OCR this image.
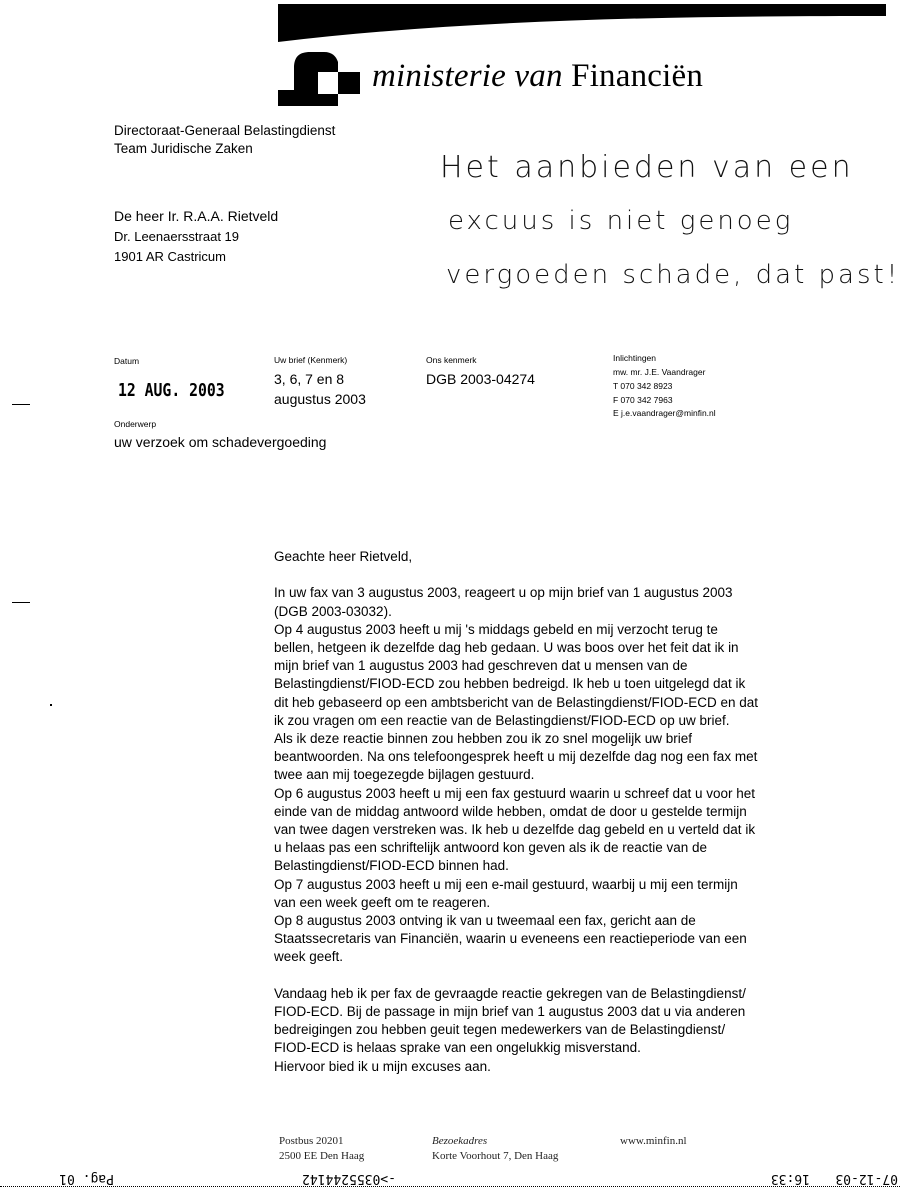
ministerie van Financiën
Directoraat-Generaal Belastingdienst
Team Juridische Zaken
De heer Ir. R.A.A. Rietveld
Dr. Leenaersstraat 19
1901 AR Castricum
Het aanbieden van een
excuus is niet genoeg
vergoeden schade, dat past!
Datum
12 AUG. 2003
Uw brief (Kenmerk)
3, 6, 7 en 8
augustus 2003
Ons kenmerk
DGB 2003-04274
Inlichtingen
mw. mr. J.E. Vaandrager
T 070 342 8923
F 070 342 7963
E j.e.vaandrager@minfin.nl
Onderwerp
uw verzoek om schadevergoeding

Geachte heer Rietveld,

In uw fax van 3 augustus 2003, reageert u op mijn brief van 1 augustus 2003
(DGB 2003-03032).
Op 4 augustus 2003 heeft u mij 's middags gebeld en mij verzocht terug te
bellen, hetgeen ik dezelfde dag heb gedaan. U was boos over het feit dat ik in
mijn brief van 1 augustus 2003 had geschreven dat u mensen van de
Belastingdienst/FIOD-ECD zou hebben bedreigd. Ik heb u toen uitgelegd dat ik
dit heb gebaseerd op een ambtsbericht van de Belastingdienst/FIOD-ECD en dat
ik zou vragen om een reactie van de Belastingdienst/FIOD-ECD op uw brief.
Als ik deze reactie binnen zou hebben zou ik zo snel mogelijk uw brief
beantwoorden. Na ons telefoongesprek heeft u mij dezelfde dag nog een fax met
twee aan mij toegezegde bijlagen gestuurd.
Op 6 augustus 2003 heeft u mij een fax gestuurd waarin u schreef dat u voor het
einde van de middag antwoord wilde hebben, omdat de door u gestelde termijn
van twee dagen verstreken was. Ik heb u dezelfde dag gebeld en u verteld dat ik
u helaas pas een schriftelijk antwoord kon geven als ik de reactie van de
Belastingdienst/FIOD-ECD binnen had.
Op 7 augustus 2003 heeft u mij een e-mail gestuurd, waarbij u mij een termijn
van een week geeft om te reageren.
Op 8 augustus 2003 ontving ik van u tweemaal een fax, gericht aan de
Staatssecretaris van Financiën, waarin u eveneens een reactieperiode van een
week geeft.
Vandaag heb ik per fax de gevraagde reactie gekregen van de Belastingdienst/
FIOD-ECD. Bij de passage in mijn brief van 1 augustus 2003 dat u via anderen
bedreigingen zou hebben geuit tegen medewerkers van de Belastingdienst/
FIOD-ECD is helaas sprake van een ongelukkig misverstand.
Hiervoor bied ik u mijn excuses aan.
Postbus 20201
2500 EE Den Haag
Bezoekadres
Korte Voorhout 7, Den Haag
www.minfin.nl
07-12-03
16:33
->0355244142
Pag. 01
